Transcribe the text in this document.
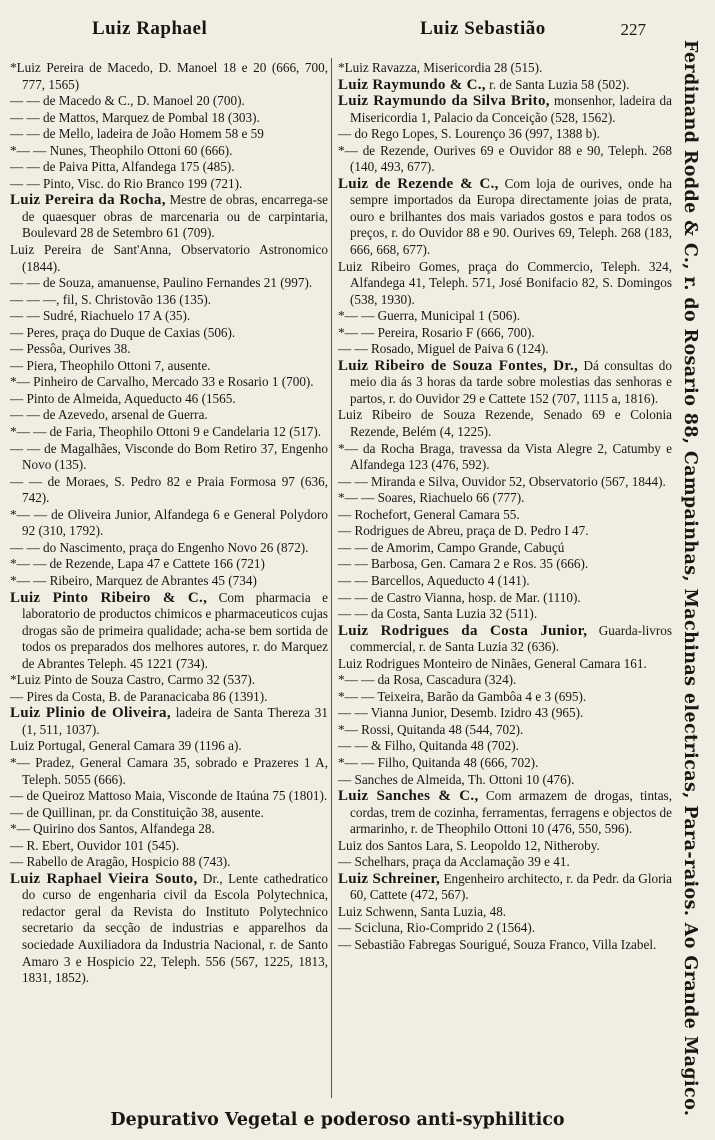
Luiz Raphael	Luiz Sebastião	227

*Luiz Pereira de Macedo, D. Manoel 18 e 20 (666, 700, 777, 1565)

— — de Macedo & C., D. Manoel 20 (700).

— — de Mattos, Marquez de Pombal 18 (303).

— — de Mello, ladeira de João Homem 58 e 59

*— — Nunes, Theophilo Ottoni 60 (666).

— — de Paiva Pitta, Alfandega 175 (485).

— — Pinto, Visc. do Rio Branco 199 (721).

Luiz Pereira da Rocha, Mestre de obras, encarrega-se de quaesquer obras de marcenaria ou de carpintaria, Boulevard 28 de Setembro 61 (709).

Luiz Pereira de Sant'Anna, Observatorio Astronomico (1844).

— — de Souza, amanuense, Paulino Fernandes 21 (997).

— — —, fil, S. Christovão 136 (135).

— — Sudré, Riachuelo 17 A (35).

— Peres, praça do Duque de Caxias (506).

— Pessôa, Ourives 38.

— Piera, Theophilo Ottoni 7, ausente.

*— Pinheiro de Carvalho, Mercado 33 e Rosario 1 (700).

— Pinto de Almeida, Aqueducto 46 (1565.

— — de Azevedo, arsenal de Guerra.

*— — de Faria, Theophilo Ottoni 9 e Candelaria 12 (517).

— — de Magalhães, Visconde do Bom Retiro 37, Engenho Novo (135).

— — de Moraes, S. Pedro 82 e Praia Formosa 97 (636, 742).

*— — de Oliveira Junior, Alfandega 6 e General Polydoro 92 (310, 1792).

— — do Nascimento, praça do Engenho Novo 26 (872).

*— — de Rezende, Lapa 47 e Cattete 166 (721)

*— — Ribeiro, Marquez de Abrantes 45 (734)

Luiz Pinto Ribeiro & C., Com pharmacia e laboratorio de productos chimicos e pharmaceuticos cujas drogas são de primeira qualidade; acha-se bem sortida de todos os preparados dos melhores autores, r. do Marquez de Abrantes Teleph. 45 1221 (734).

*Luiz Pinto de Souza Castro, Carmo 32 (537).

— Pires da Costa, B. de Paranacicaba 86 (1391).

Luiz Plinio de Oliveira, ladeira de Santa Thereza 31 (1, 511, 1037).

Luiz Portugal, General Camara 39 (1196 a).

*— Pradez, General Camara 35, sobrado e Prazeres 1 A, Teleph. 5055 (666).

— de Queiroz Mattoso Maia, Visconde de Itaúna 75 (1801).

— de Quillinan, pr. da Constituição 38, ausente.

*— Quirino dos Santos, Alfandega 28.

— R. Ebert, Ouvidor 101 (545).

— Rabello de Aragão, Hospicio 88 (743).

Luiz Raphael Vieira Souto, Dr., Lente cathedratico do curso de engenharia civil da Escola Polytechnica, redactor geral da Revista do Instituto Polytechnico secretario da secção de industrias e apparelhos da sociedade Auxiliadora da Industria Nacional, r. de Santo Amaro 3 e Hospicio 22, Teleph. 556 (567, 1225, 1813, 1831, 1852).

*Luiz Ravazza, Misericordia 28 (515).

Luiz Raymundo & C., r. de Santa Luzia 58 (502).

Luiz Raymundo da Silva Brito, monsenhor, ladeira da Misericordia 1, Palacio da Conceição (528, 1562).

— do Rego Lopes, S. Lourenço 36 (997, 1388 b).

*— de Rezende, Ourives 69 e Ouvidor 88 e 90, Teleph. 268 (140, 493, 677).

Luiz de Rezende & C., Com loja de ourives, onde ha sempre importados da Europa directamente joias de prata, ouro e brilhantes dos mais variados gostos e para todos os preços, r. do Ouvidor 88 e 90. Ourives 69, Teleph. 268 (183, 666, 668, 677).

Luiz Ribeiro Gomes, praça do Commercio, Teleph. 324, Alfandega 41, Teleph. 571, José Bonifacio 82, S. Domingos (538, 1930).

*— — Guerra, Municipal 1 (506).

*— — Pereira, Rosario F (666, 700).

— — Rosado, Miguel de Paiva 6 (124).

Luiz Ribeiro de Souza Fontes, Dr., Dá consultas do meio dia ás 3 horas da tarde sobre molestias das senhoras e partos, r. do Ouvidor 29 e Cattete 152 (707, 1115 a, 1816).

Luiz Ribeiro de Souza Rezende, Senado 69 e Colonia Rezende, Belém (4, 1225).

*— da Rocha Braga, travessa da Vista Alegre 2, Catumby e Alfandega 123 (476, 592).

— — Miranda e Silva, Ouvidor 52, Observatorio (567, 1844).

*— — Soares, Riachuelo 66 (777).

— Rochefort, General Camara 55.

— Rodrigues de Abreu, praça de D. Pedro I 47.

— — de Amorim, Campo Grande, Cabuçú

— — Barbosa, Gen. Camara 2 e Ros. 35 (666).

— — Barcellos, Aqueducto 4 (141).

— — de Castro Vianna, hosp. de Mar. (1110).

— — da Costa, Santa Luzia 32 (511).

Luiz Rodrigues da Costa Junior, Guarda-livros commercial, r. de Santa Luzia 32 (636).

Luiz Rodrigues Monteiro de Ninães, General Camara 161.

*— — da Rosa, Cascadura (324).

*— — Teixeira, Barão da Gambôa 4 e 3 (695).

— — Vianna Junior, Desemb. Izidro 43 (965).

*— Rossi, Quitanda 48 (544, 702).

— — & Filho, Quitanda 48 (702).

*— — Filho, Quitanda 48 (666, 702).

— Sanches de Almeida, Th. Ottoni 10 (476).

Luiz Sanches & C., Com armazem de drogas, tintas, cordas, trem de cozinha, ferramentas, ferragens e objectos de armarinho, r. de Theophilo Ottoni 10 (476, 550, 596).

Luiz dos Santos Lara, S. Leopoldo 12, Nitheroby.

— Schelhars, praça da Acclamação 39 e 41.

Luiz Schreiner, Engenheiro architecto, r. da Pedr. da Gloria 60, Cattete (472, 567).

Luiz Schwenn, Santa Luzia, 48.

— Scicluna, Rio-Comprido 2 (1564).

— Sebastião Fabregas Sourigué, Souza Franco, Villa Izabel.	Ferdinand Rodde & C., r. do Rosario 88, Campainhas, Machinas electricas, Para-raios. Ao Grande Magico.
Depurativo Vegetal e poderoso anti-syphilitico
